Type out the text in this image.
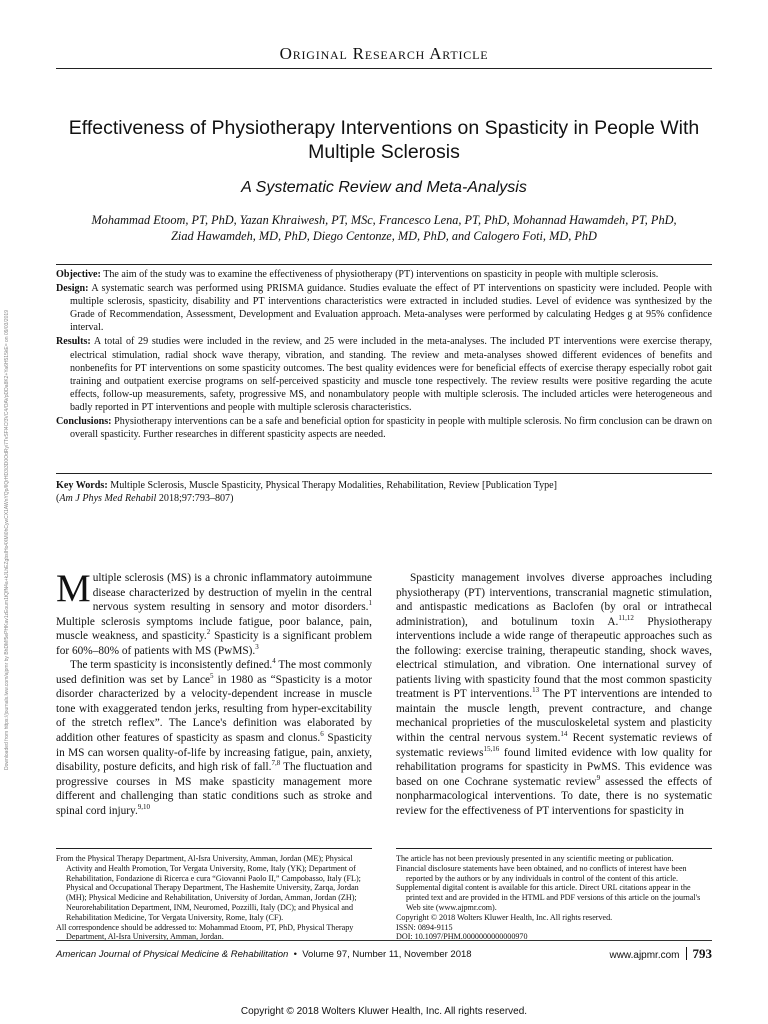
Downloaded from https://journals.lww.com/ajpmr by BhDMf5ePHKav1zEoum1tQfN4a+kJLhEZgbsIHo4XMi0hCywCX1AWnYQp/IlQrHD3i3D0OdRyi7TvSFl4Cf3VC4/OAVpDDa8K2+Ya6H515kE= on 09/03/2019
Original Research Article
Effectiveness of Physiotherapy Interventions on Spasticity in People With Multiple Sclerosis
A Systematic Review and Meta-Analysis
Mohammad Etoom, PT, PhD, Yazan Khraiwesh, PT, MSc, Francesco Lena, PT, PhD, Mohannad Hawamdeh, PT, PhD,
Ziad Hawamdeh, MD, PhD, Diego Centonze, MD, PhD, and Calogero Foti, MD, PhD

Objective: The aim of the study was to examine the effectiveness of physiotherapy (PT) interventions on spasticity in people with multiple sclerosis.

Design: A systematic search was performed using PRISMA guidance. Studies evaluate the effect of PT interventions on spasticity were included. People with multiple sclerosis, spasticity, disability and PT interventions characteristics were extracted in included studies. Level of evidence was synthesized by the Grade of Recommendation, Assessment, Development and Evaluation approach. Meta-analyses were performed by calculating Hedges g at 95% confidence interval.

Results: A total of 29 studies were included in the review, and 25 were included in the meta-analyses. The included PT interventions were exercise therapy, electrical stimulation, radial shock wave therapy, vibration, and standing. The review and meta-analyses showed different evidences of benefits and nonbenefits for PT interventions on some spasticity outcomes. The best quality evidences were for beneficial effects of exercise therapy especially robot gait training and outpatient exercise programs on self-perceived spasticity and muscle tone respectively. The review results were positive regarding the acute effects, follow-up measurements, safety, progressive MS, and nonambulatory people with multiple sclerosis. The included articles were heterogeneous and badly reported in PT interventions and people with multiple sclerosis characteristics.

Conclusions: Physiotherapy interventions can be a safe and beneficial option for spasticity in people with multiple sclerosis. No firm conclusion can be drawn on overall spasticity. Further researches in different spasticity aspects are needed.

Key Words: Multiple Sclerosis, Muscle Spasticity, Physical Therapy Modalities, Rehabilitation, Review [Publication Type]

(Am J Phys Med Rehabil 2018;97:793–807)

Multiple sclerosis (MS) is a chronic inflammatory autoimmune disease characterized by destruction of myelin in the central nervous system resulting in sensory and motor disorders.$^1$ Multiple sclerosis symptoms include fatigue, poor balance, pain, muscle weakness, and spasticity.$^2$ Spasticity is a significant problem for 60%–80% of patients with MS (PwMS).$^3$

The term spasticity is inconsistently defined.$^4$ The most commonly used definition was set by Lance$^5$ in 1980 as “Spasticity is a motor disorder characterized by a velocity-dependent increase in muscle tone with exaggerated tendon jerks, resulting from hyper-excitability of the stretch reflex”. The Lance's definition was elaborated by addition other features of spasticity as spasm and clonus.$^6$ Spasticity in MS can worsen quality-of-life by increasing fatigue, pain, anxiety, disability, posture deficits, and high risk of fall.$^{7,8}$ The fluctuation and progressive courses in MS make spasticity management more different and challenging than static conditions such as stroke and spinal cord injury.$^{9,10}$

Spasticity management involves diverse approaches including physiotherapy (PT) interventions, transcranial magnetic stimulation, and antispastic medications as Baclofen (by oral or intrathecal administration), and botulinum toxin A.$^{11,12}$ Physiotherapy interventions include a wide range of therapeutic approaches such as the following: exercise training, therapeutic standing, shock waves, electrical stimulation, and vibration. One international survey of patients living with spasticity found that the most common spasticity treatment is PT interventions.$^{13}$ The PT interventions are intended to maintain the muscle length, prevent contracture, and change mechanical proprieties of the musculoskeletal system and plasticity within the central nervous system.$^{14}$ Recent systematic reviews of systematic reviews$^{15,16}$ found limited evidence with low quality for rehabilitation programs for spasticity in PwMS. This evidence was based on one Cochrane systematic review$^9$ assessed the effects of nonpharmacological interventions. To date, there is no systematic review for the effectiveness of PT interventions for spasticity in

From the Physical Therapy Department, Al-Isra University, Amman, Jordan (ME); Physical Activity and Health Promotion, Tor Vergata University, Rome, Italy (YK); Department of Rehabilitation, Fondazione di Ricerca e cura “Giovanni Paolo II,” Campobasso, Italy (FL); Physical and Occupational Therapy Department, The Hashemite University, Zarqa, Jordan (MH); Physical Medicine and Rehabilitation, University of Jordan, Amman, Jordan (ZH); Neurorehabilitation Department, INM, Neuromed, Pozzilli, Italy (DC); and Physical and Rehabilitation Medicine, Tor Vergata University, Rome, Italy (CF).

All correspondence should be addressed to: Mohammad Etoom, PT, PhD, Physical Therapy Department, Al-Isra University, Amman, Jordan.

The article has not been previously presented in any scientific meeting or publication.

Financial disclosure statements have been obtained, and no conflicts of interest have been reported by the authors or by any individuals in control of the content of this article.

Supplemental digital content is available for this article. Direct URL citations appear in the printed text and are provided in the HTML and PDF versions of this article on the journal's Web site (www.ajpmr.com).

Copyright © 2018 Wolters Kluwer Health, Inc. All rights reserved.

ISSN: 0894-9115

DOI: 10.1097/PHM.0000000000000970

American Journal of Physical Medicine & Rehabilitation  •  Volume 97, Number 11, November 2018	www.ajpmr.com 793
Copyright © 2018 Wolters Kluwer Health, Inc. All rights reserved.
